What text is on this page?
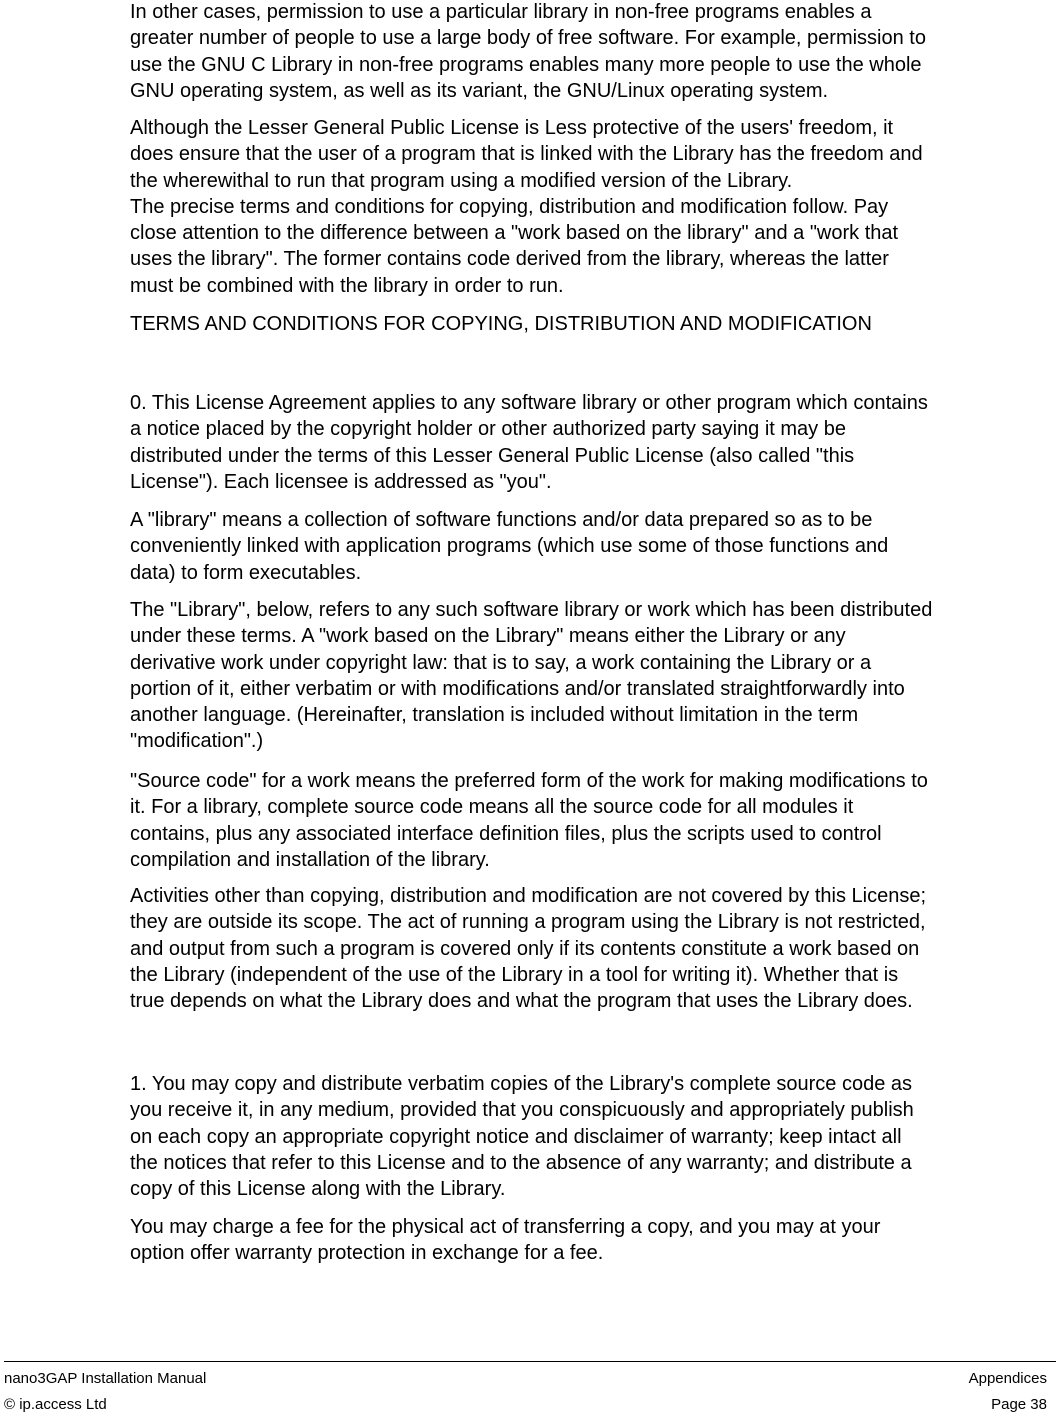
In other cases, permission to use a particular library in non-free programs enables a
greater number of people to use a large body of free software. For example, permission to
use the GNU C Library in non-free programs enables many more people to use the whole
GNU operating system, as well as its variant, the GNU/Linux operating system.
Although the Lesser General Public License is Less protective of the users' freedom, it
does ensure that the user of a program that is linked with the Library has the freedom and
the wherewithal to run that program using a modified version of the Library.
The precise terms and conditions for copying, distribution and modification follow. Pay
close attention to the difference between a "work based on the library" and a "work that
uses the library". The former contains code derived from the library, whereas the latter
must be combined with the library in order to run.
TERMS AND CONDITIONS FOR COPYING, DISTRIBUTION AND MODIFICATION
0. This License Agreement applies to any software library or other program which contains
a notice placed by the copyright holder or other authorized party saying it may be
distributed under the terms of this Lesser General Public License (also called "this
License"). Each licensee is addressed as "you".
A "library" means a collection of software functions and/or data prepared so as to be
conveniently linked with application programs (which use some of those functions and
data) to form executables.
The "Library", below, refers to any such software library or work which has been distributed
under these terms. A "work based on the Library" means either the Library or any
derivative work under copyright law: that is to say, a work containing the Library or a
portion of it, either verbatim or with modifications and/or translated straightforwardly into
another language. (Hereinafter, translation is included without limitation in the term
"modification".)
"Source code" for a work means the preferred form of the work for making modifications to
it. For a library, complete source code means all the source code for all modules it
contains, plus any associated interface definition files, plus the scripts used to control
compilation and installation of the library.
Activities other than copying, distribution and modification are not covered by this License;
they are outside its scope. The act of running a program using the Library is not restricted,
and output from such a program is covered only if its contents constitute a work based on
the Library (independent of the use of the Library in a tool for writing it). Whether that is
true depends on what the Library does and what the program that uses the Library does.
1. You may copy and distribute verbatim copies of the Library's complete source code as
you receive it, in any medium, provided that you conspicuously and appropriately publish
on each copy an appropriate copyright notice and disclaimer of warranty; keep intact all
the notices that refer to this License and to the absence of any warranty; and distribute a
copy of this License along with the Library.
You may charge a fee for the physical act of transferring a copy, and you may at your
option offer warranty protection in exchange for a fee.
nano3GAP Installation Manual	Appendices
© ip.access Ltd	Page 38
